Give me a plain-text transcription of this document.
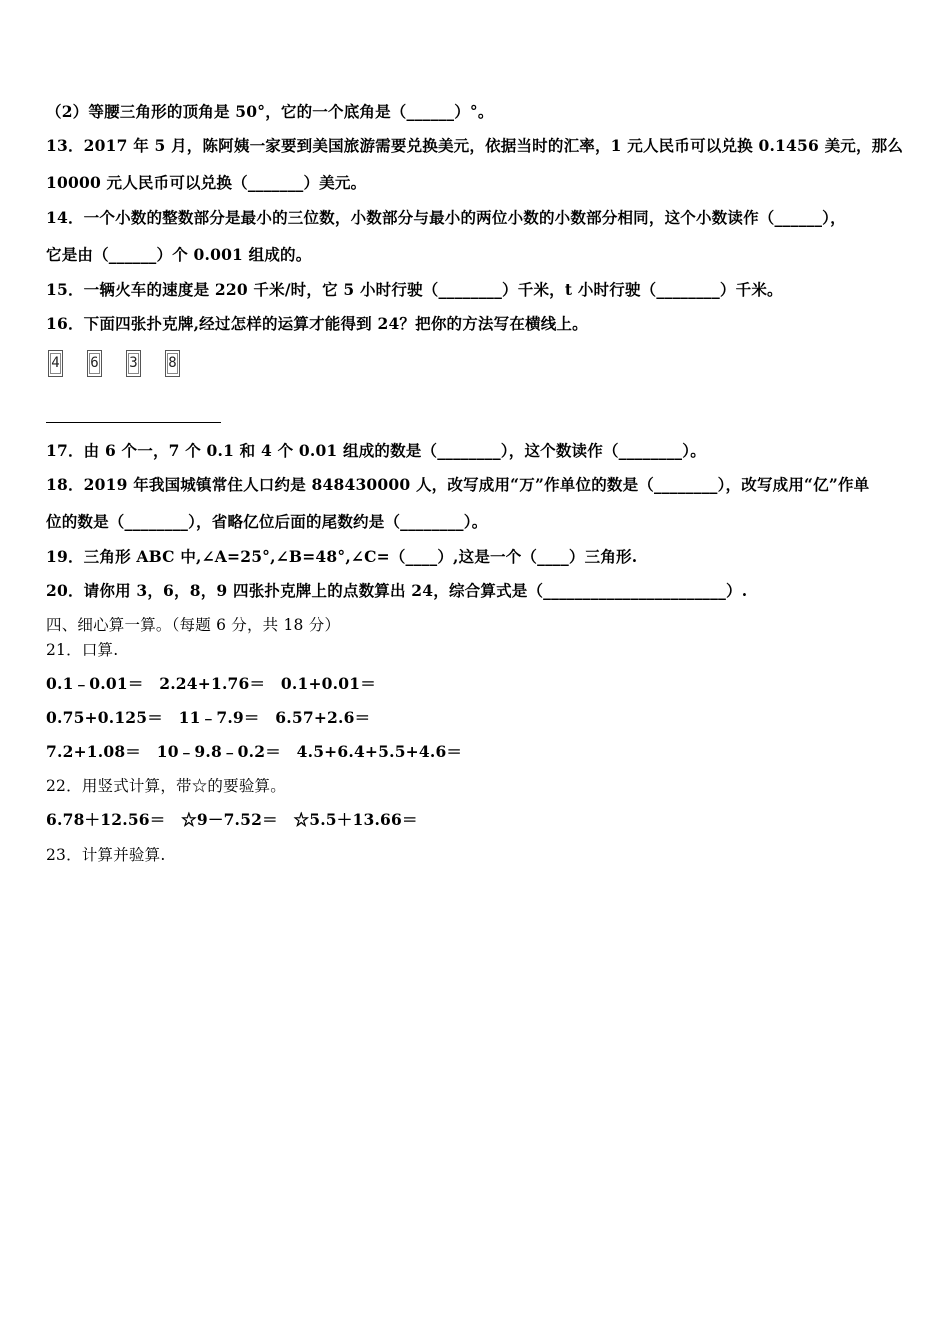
（2）等腰三角形的顶角是 50°，它的一个底角是（______）°。
13．2017 年 5 月，陈阿姨一家要到美国旅游需要兑换美元，依据当时的汇率，1 元人民币可以兑换 0.1456 美元，那么
10000 元人民币可以兑换（_______）美元。
14．一个小数的整数部分是最小的三位数，小数部分与最小的两位小数的小数部分相同，这个小数读作（______），
它是由（______）个 0.001 组成的。
15．一辆火车的速度是 220 千米/时，它 5 小时行驶（________）千米，t 小时行驶（________）千米。
16．下面四张扑克牌,经过怎样的运算才能得到 24？把你的方法写在横线上。
4 6 3 8
17．由 6 个一，7 个 0.1 和 4 个 0.01 组成的数是（________），这个数读作（________）。
18．2019 年我国城镇常住人口约是 848430000 人，改写成用“万”作单位的数是（________），改写成用“亿”作单
位的数是（________），省略亿位后面的尾数约是（________）。
19．三角形 ABC 中,∠A=25°,∠B=48°,∠C=（____）,这是一个（____）三角形.
20．请你用 3，6，8，9 四张扑克牌上的点数算出 24，综合算式是（_______________________）.
四、细心算一算。（每题 6 分，共 18 分）
21．口算.
0.1﹣0.01＝　2.24+1.76＝　0.1+0.01＝
0.75+0.125＝　11﹣7.9＝　6.57+2.6＝
7.2+1.08＝　10﹣9.8﹣0.2＝　4.5+6.4+5.5+4.6＝
22．用竖式计算，带☆的要验算。
6.78＋12.56＝　☆9－7.52＝　☆5.5＋13.66＝
23．计算并验算.
